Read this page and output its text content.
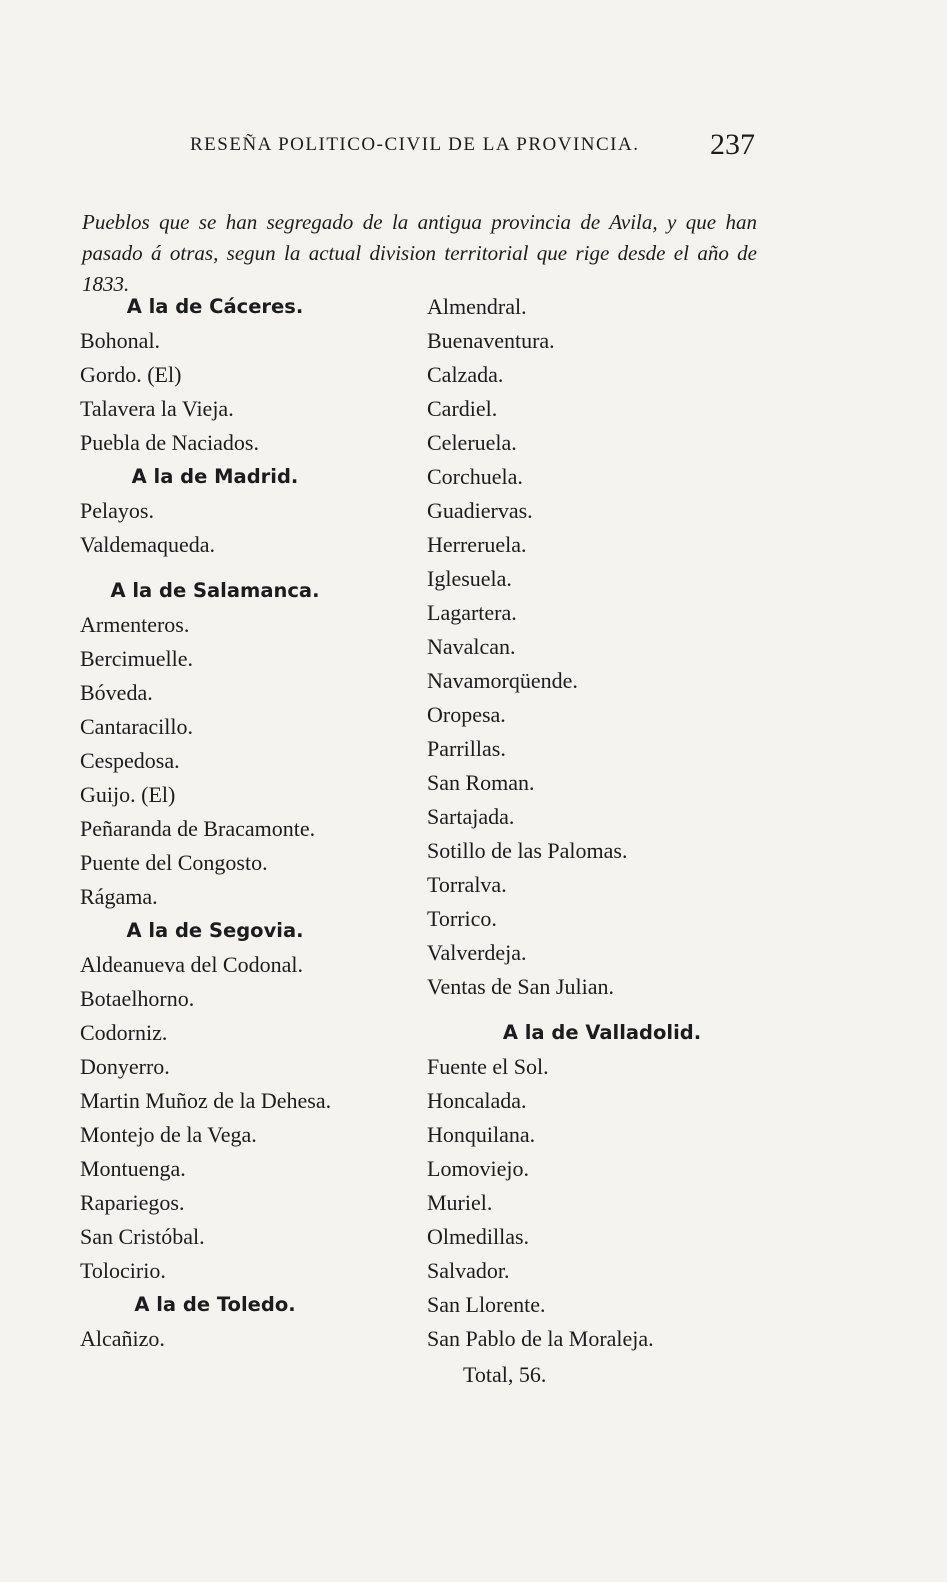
RESEÑA POLITICO-CIVIL DE LA PROVINCIA. 237

Pueblos que se han segregado de la antigua provincia de Avila, y que han pasado á otras, segun la actual division territorial que rige desde el año de 1833.

A la de Cáceres.
Bohonal.
Gordo. (El)
Talavera la Vieja.
Puebla de Naciados.
A la de Madrid.
Pelayos.
Valdemaqueda.
A la de Salamanca.
Armenteros.
Bercimuelle.
Bóveda.
Cantaracillo.
Cespedosa.
Guijo. (El)
Peñaranda de Bracamonte.
Puente del Congosto.
Rágama.
A la de Segovia.
Aldeanueva del Codonal.
Botaelhorno.
Codorniz.
Donyerro.
Martin Muñoz de la Dehesa.
Montejo de la Vega.
Montuenga.
Rapariegos.
San Cristóbal.
Tolocirio.
A la de Toledo.
Alcañizo.
Almendral.
Buenaventura.
Calzada.
Cardiel.
Celeruela.
Corchuela.
Guadiervas.
Herreruela.
Iglesuela.
Lagartera.
Navalcan.
Navamorqüende.
Oropesa.
Parrillas.
San Roman.
Sartajada.
Sotillo de las Palomas.
Torralva.
Torrico.
Valverdeja.
Ventas de San Julian.
A la de Valladolid.
Fuente el Sol.
Honcalada.
Honquilana.
Lomoviejo.
Muriel.
Olmedillas.
Salvador.
San Llorente.
San Pablo de la Moraleja.
Total, 56.
